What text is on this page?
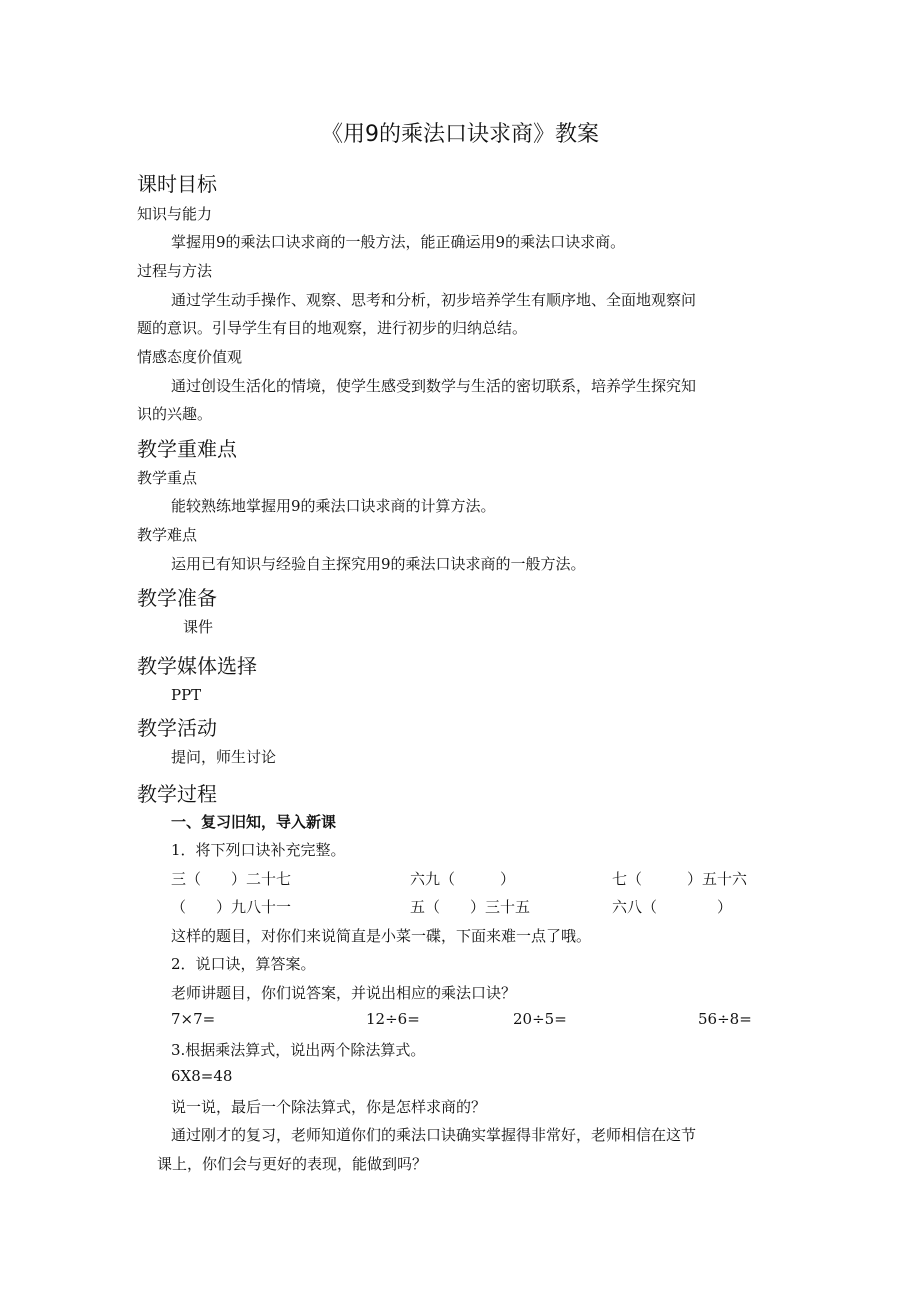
《用9的乘法口诀求商》教案
课时目标
知识与能力
掌握用9的乘法口诀求商的一般方法，能正确运用9的乘法口诀求商。
过程与方法
通过学生动手操作、观察、思考和分析，初步培养学生有顺序地、全面地观察问
题的意识。引导学生有目的地观察，进行初步的归纳总结。
情感态度价值观
通过创设生活化的情境，使学生感受到数学与生活的密切联系，培养学生探究知
识的兴趣。
教学重难点
教学重点
能较熟练地掌握用9的乘法口诀求商的计算方法。
教学难点
运用已有知识与经验自主探究用9的乘法口诀求商的一般方法。
教学准备
课件
教学媒体选择
PPT
教学活动
提问，师生讨论
教学过程
一、复习旧知，导入新课
1．将下列口诀补充完整。
三（　　）二十七	六九（　　　）	七（　　　）五十六
（　　）九八十一	五（　　）三十五	六八（　　　　）
这样的题目，对你们来说简直是小菜一碟，下面来难一点了哦。
2．说口诀，算答案。
老师讲题目，你们说答案，并说出相应的乘法口诀？
7×7=	12÷6=	20÷5=	56÷8=
3.根据乘法算式，说出两个除法算式。
6X8=48
说一说，最后一个除法算式，你是怎样求商的？
通过刚才的复习，老师知道你们的乘法口诀确实掌握得非常好，老师相信在这节
课上，你们会与更好的表现，能做到吗？
